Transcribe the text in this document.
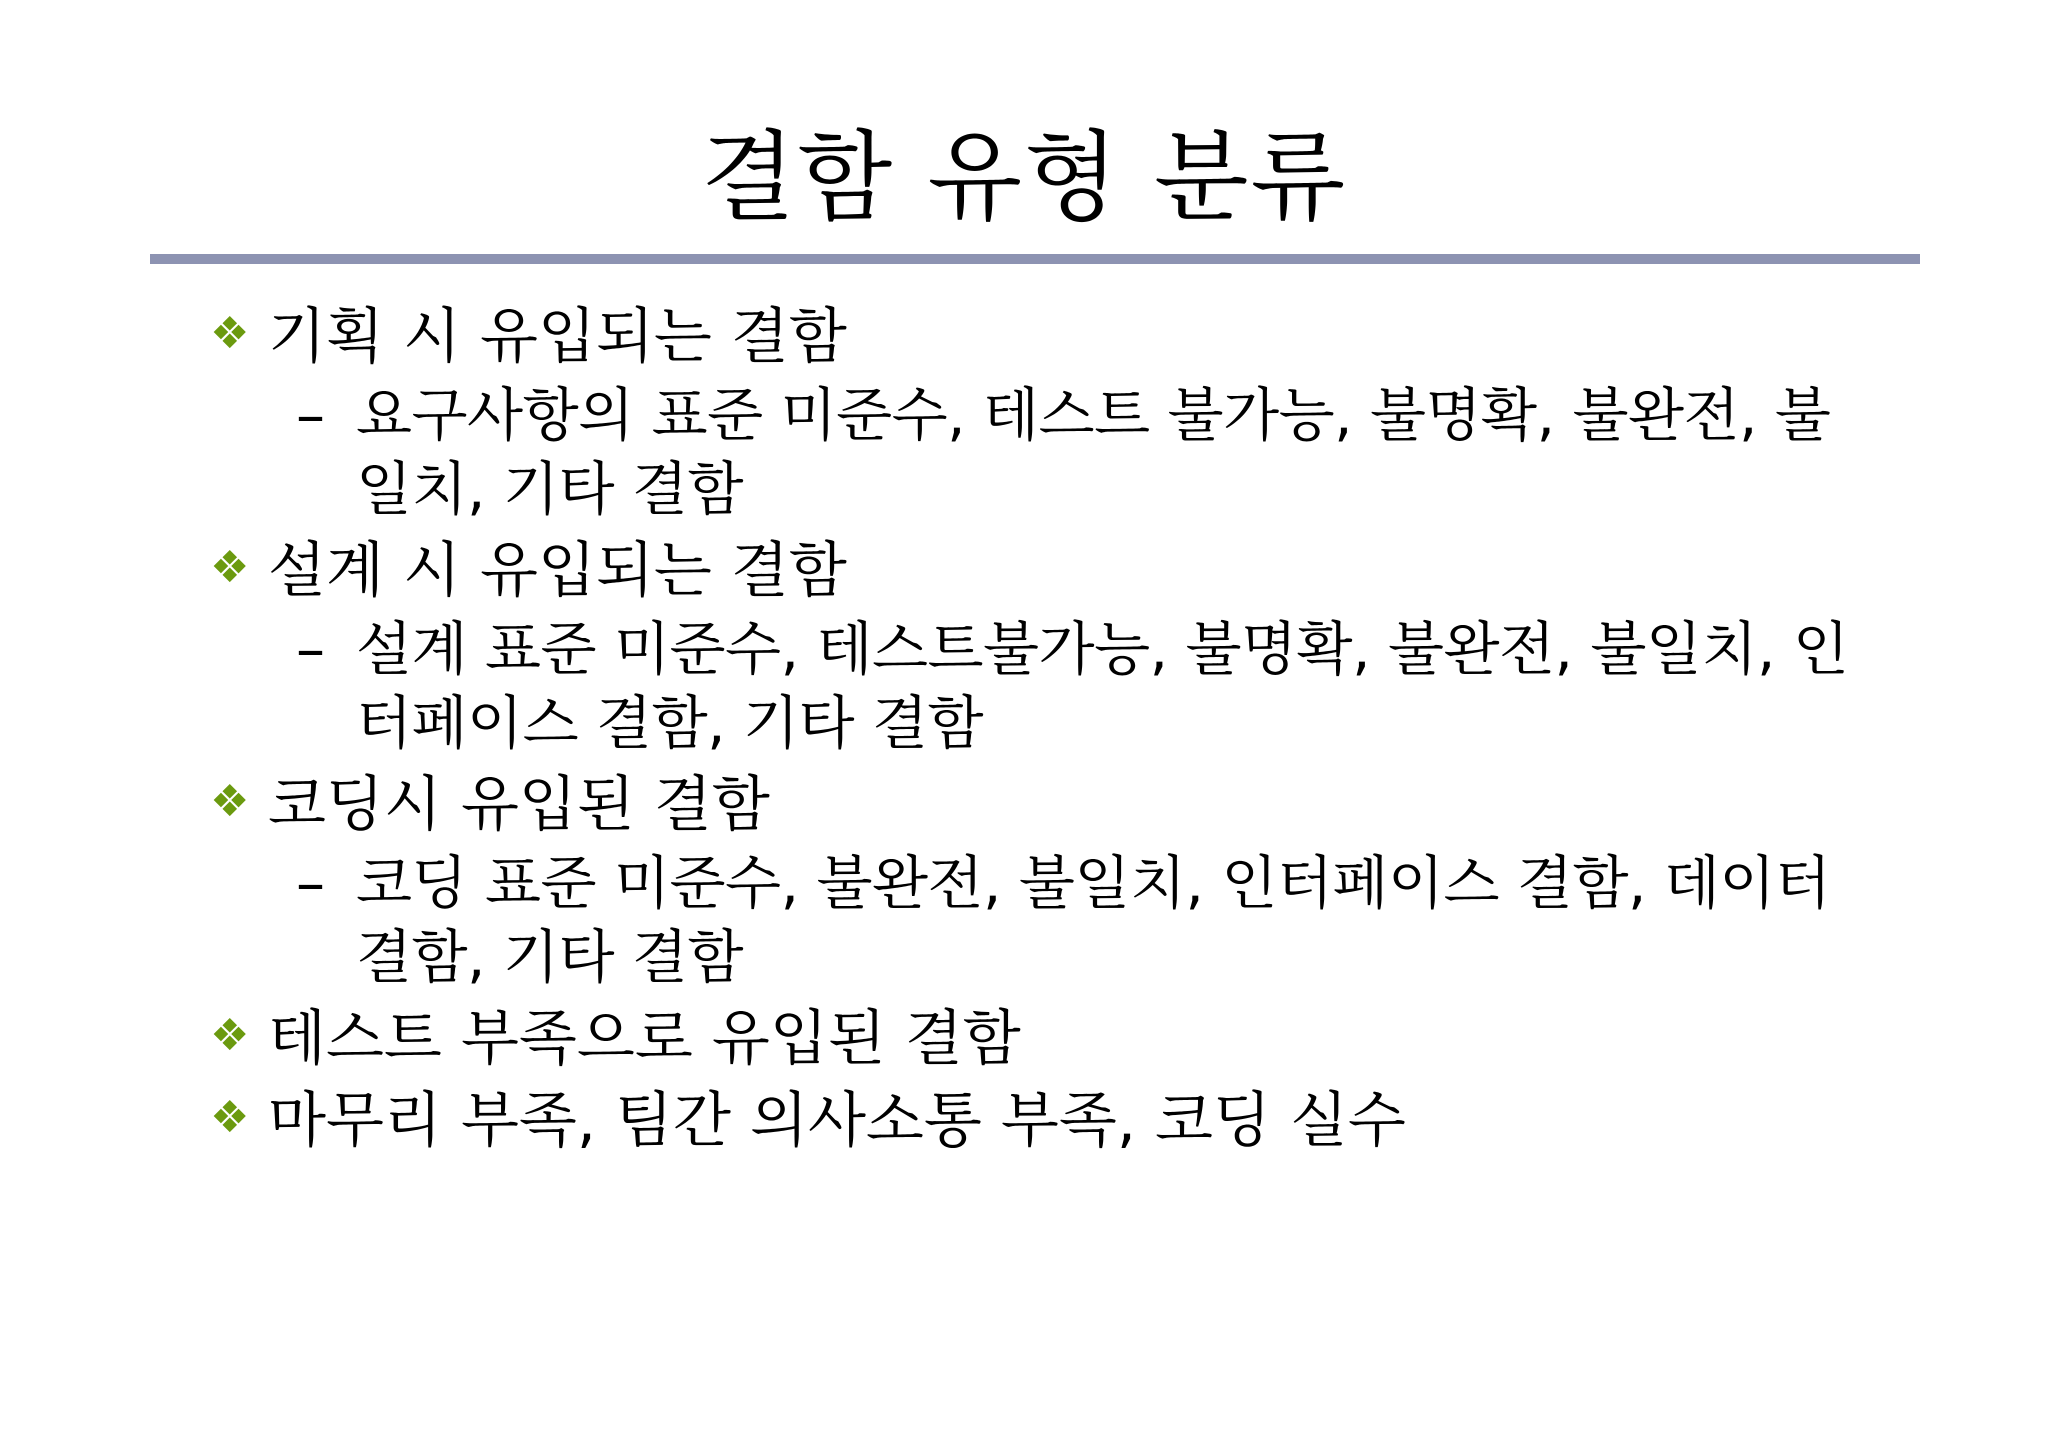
결함 유형 분류
❖ 기획 시 유입되는 결함
– 요구사항의 표준 미준수, 테스트 불가능, 불명확, 불완전, 불일치, 기타 결함
❖ 설계 시 유입되는 결함
– 설계 표준 미준수, 테스트불가능, 불명확, 불완전, 불일치, 인터페이스 결함, 기타 결함
❖ 코딩시 유입된 결함
– 코딩 표준 미준수, 불완전, 불일치, 인터페이스 결함, 데이터 결함, 기타 결함
❖ 테스트 부족으로 유입된 결함
❖ 마무리 부족, 팀간 의사소통 부족, 코딩 실수
